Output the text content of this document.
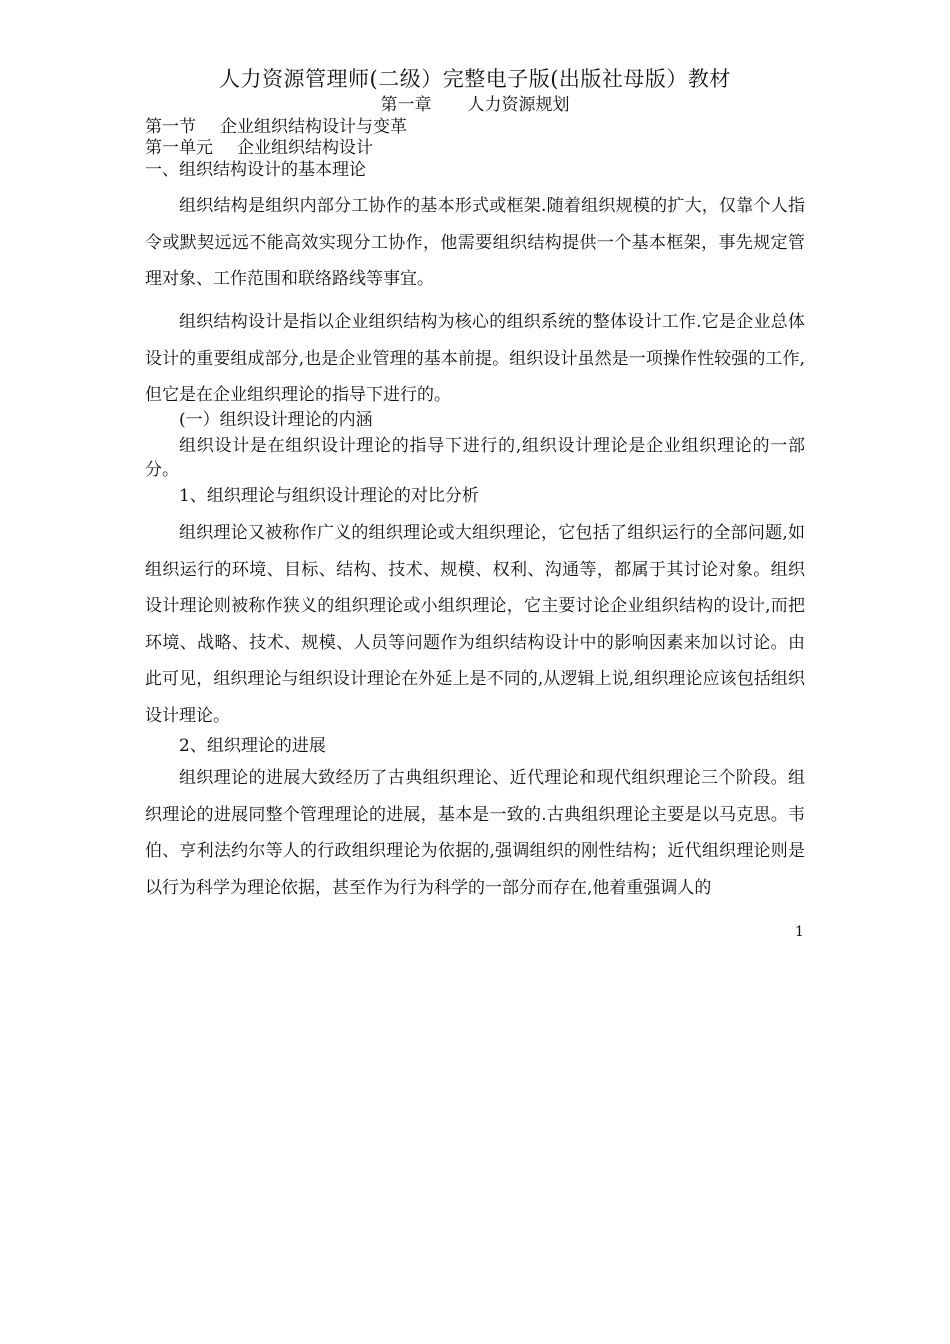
人力资源管理师(二级）完整电子版(出版社母版）教材
第一章 人力资源规划
第一节 企业组织结构设计与变革
第一单元 企业组织结构设计
一、组织结构设计的基本理论

组织结构是组织内部分工协作的基本形式或框架.随着组织规模的扩大，仅靠个人指令或默契远远不能高效实现分工协作，他需要组织结构提供一个基本框架，事先规定管理对象、工作范围和联络路线等事宜。

组织结构设计是指以企业组织结构为核心的组织系统的整体设计工作.它是企业总体设计的重要组成部分,也是企业管理的基本前提。组织设计虽然是一项操作性较强的工作,但它是在企业组织理论的指导下进行的。

(一）组织设计理论的内涵

组织设计是在组织设计理论的指导下进行的,组织设计理论是企业组织理论的一部分。

1、组织理论与组织设计理论的对比分析

组织理论又被称作广义的组织理论或大组织理论，它包括了组织运行的全部问题,如组织运行的环境、目标、结构、技术、规模、权利、沟通等，都属于其讨论对象。组织设计理论则被称作狭义的组织理论或小组织理论，它主要讨论企业组织结构的设计,而把环境、战略、技术、规模、人员等问题作为组织结构设计中的影响因素来加以讨论。由此可见，组织理论与组织设计理论在外延上是不同的,从逻辑上说,组织理论应该包括组织设计理论。

2、组织理论的进展

组织理论的进展大致经历了古典组织理论、近代理论和现代组织理论三个阶段。组织理论的进展同整个管理理论的进展，基本是一致的.古典组织理论主要是以马克思。韦伯、亨利法约尔等人的行政组织理论为依据的,强调组织的刚性结构；近代组织理论则是以行为科学为理论依据，甚至作为行为科学的一部分而存在,他着重强调人的

1
